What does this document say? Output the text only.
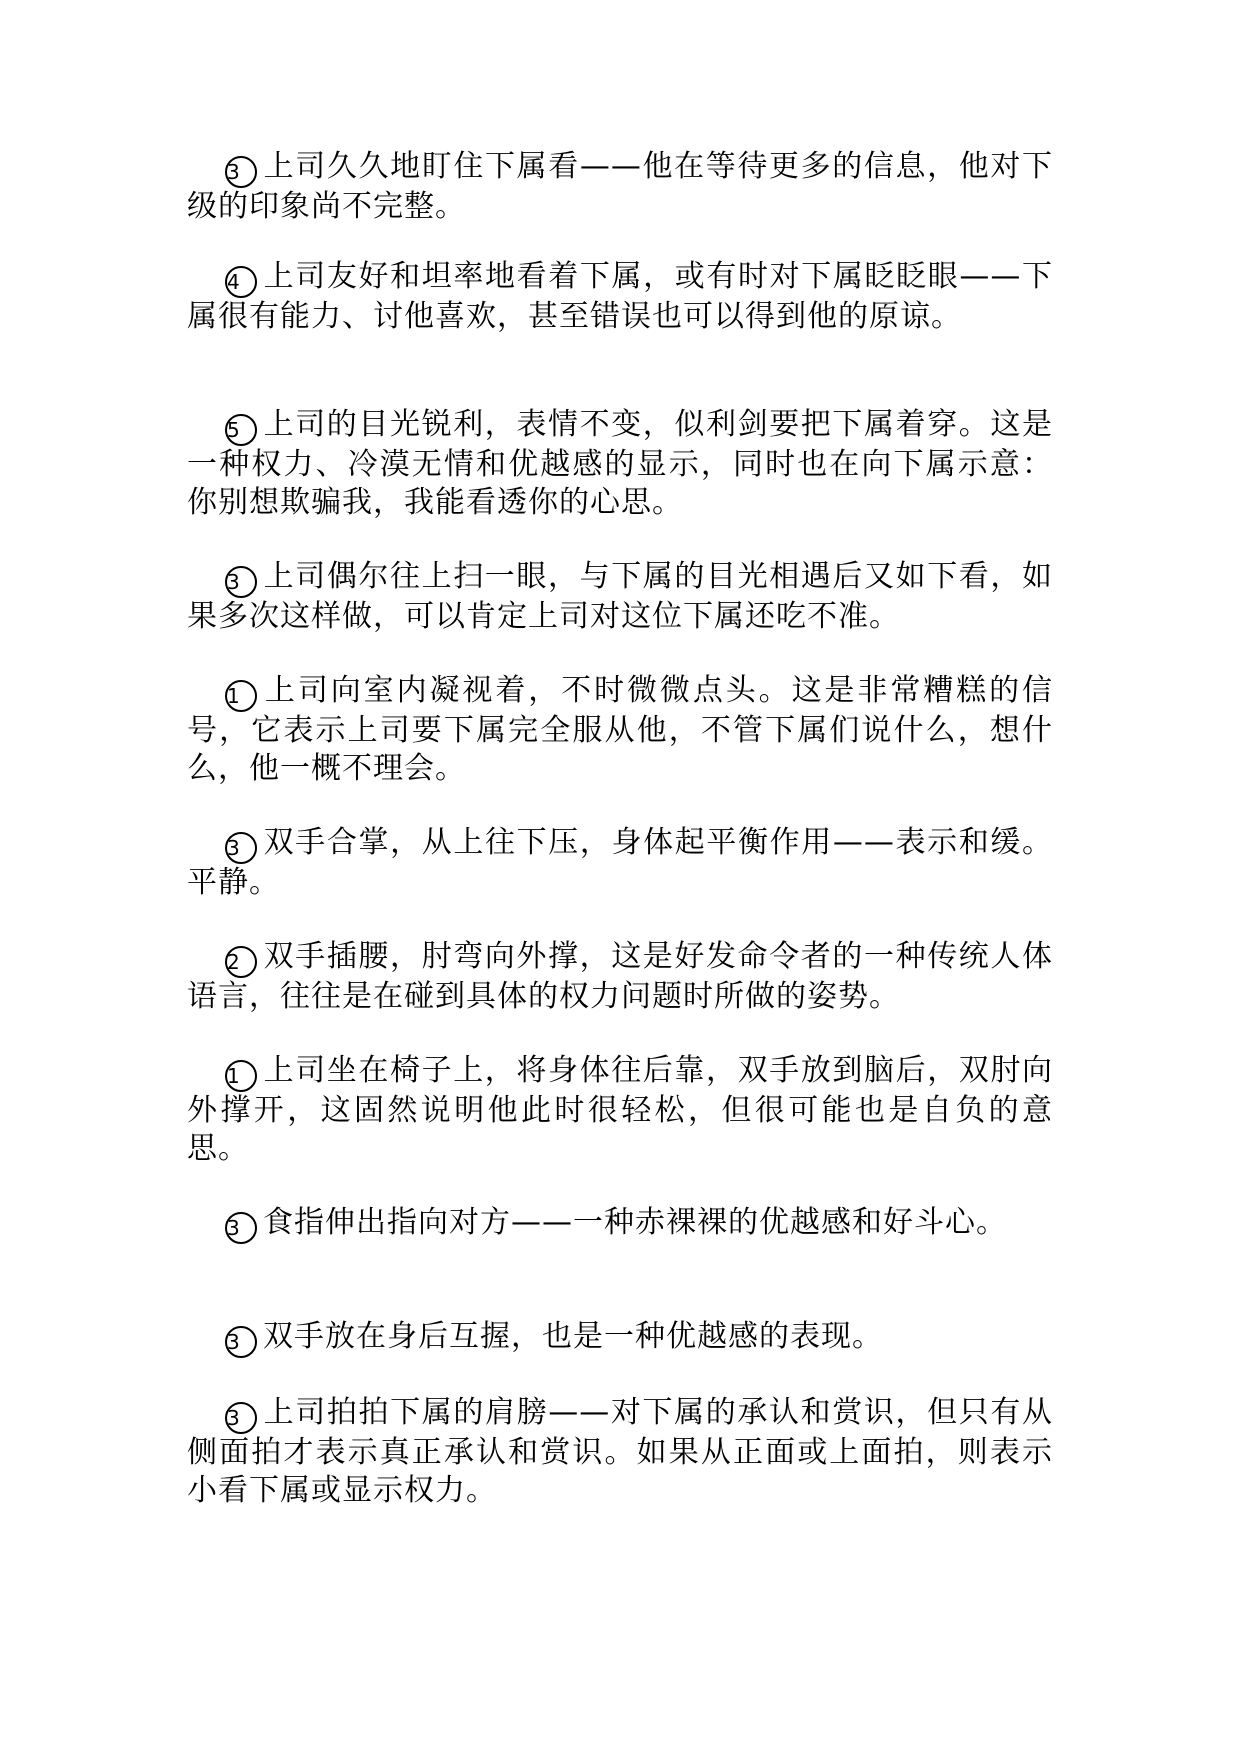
3 上司久久地盯住下属看——他在等待更多的信息，他对下级的印象尚不完整。

4 上司友好和坦率地看着下属，或有时对下属眨眨眼——下属很有能力、讨他喜欢，甚至错误也可以得到他的原谅。

5 上司的目光锐利，表情不变，似利剑要把下属着穿。这是一种权力、冷漠无情和优越感的显示，同时也在向下属示意：你别想欺骗我，我能看透你的心思。

3 上司偶尔往上扫一眼，与下属的目光相遇后又如下看，如果多次这样做，可以肯定上司对这位下属还吃不准。

1 上司向室内凝视着，不时微微点头。这是非常糟糕的信号，它表示上司要下属完全服从他，不管下属们说什么，想什么，他一概不理会。

3 双手合掌，从上往下压，身体起平衡作用——表示和缓。平静。

2 双手插腰，肘弯向外撑，这是好发命令者的一种传统人体语言，往往是在碰到具体的权力问题时所做的姿势。

1 上司坐在椅子上，将身体往后靠，双手放到脑后，双肘向外撑开，这固然说明他此时很轻松，但很可能也是自负的意思。

3 食指伸出指向对方——一种赤裸裸的优越感和好斗心。

3 双手放在身后互握，也是一种优越感的表现。

3 上司拍拍下属的肩膀——对下属的承认和赏识，但只有从侧面拍才表示真正承认和赏识。如果从正面或上面拍，则表示小看下属或显示权力。
